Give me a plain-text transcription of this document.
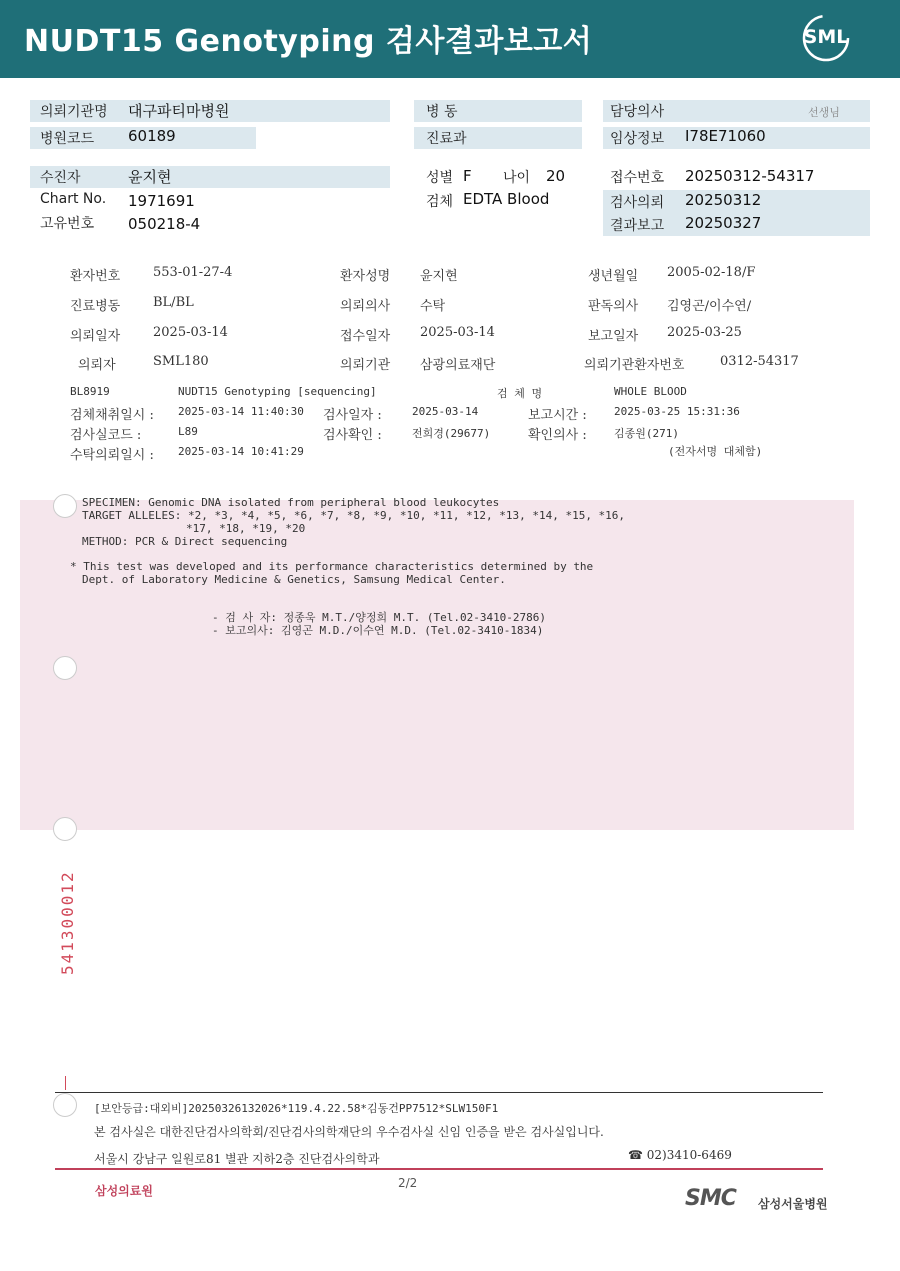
NUDT15 Genotyping 검사결과보고서	SML
의뢰기관명 대구파티마병원
병원코드 60189
병 동
진료과
담당의사	선생님
임상정보 I78E71060
수진자	윤지현
Chart No. 1971691
고유번호 050218-4
성별 F 나이 20
검체 EDTA Blood
접수번호 20250312-54317
검사의뢰 20250312
결과보고 20250327
환자번호	553-01-27-4	환자성명 윤지현	생년월일 2005-02-18/F
진료병동	BL/BL	의뢰의사 수탁	판독의사 김영곤/이수연/
의뢰일자	2025-03-14	접수일자 2025-03-14	보고일자 2025-03-25
의뢰자	SML180	의뢰기관 삼광의료재단	의뢰기관환자번호	0312-54317
BL8919	NUDT15 Genotyping [sequencing]	검 체 명	WHOLE BLOOD
검체채취일시 : 2025-03-14 11:40:30 검사일자 :	2025-03-14	보고시간 : 2025-03-25 15:31:36
검사실코드 :	L89	검사확인 :	전희경(29677)	확인의사 : 김종원(271)
수탁의뢰일시 : 2025-03-14 10:41:29	(전자서명 대체함)
SPECIMEN: Genomic DNA isolated from peripheral blood leukocytes
TARGET ALLELES: *2, *3, *4, *5, *6, *7, *8, *9, *10, *11, *12, *13, *14, *15, *16,
*17, *18, *19, *20
METHOD: PCR & Direct sequencing
* This test was developed and its performance characteristics determined by the
Dept. of Laboratory Medicine & Genetics, Samsung Medical Center.
- 검 사 자: 정종욱 M.T./양정희 M.T. (Tel.02-3410-2786)
- 보고의사: 김영곤 M.D./이수연 M.D. (Tel.02-3410-1834)
541300012
[보안등급:대외비]20250326132026*119.4.22.58*김동건PP7512*SLW150F1
본 검사실은 대한진단검사의학회/진단검사의학재단의 우수검사실 신임 인증을 받은 검사실입니다.
서울시 강남구 일원로81 별관 지하2층 진단검사의학과	☎ 02)3410-6469
삼성의료원
2/2
SMC 삼성서울병원
